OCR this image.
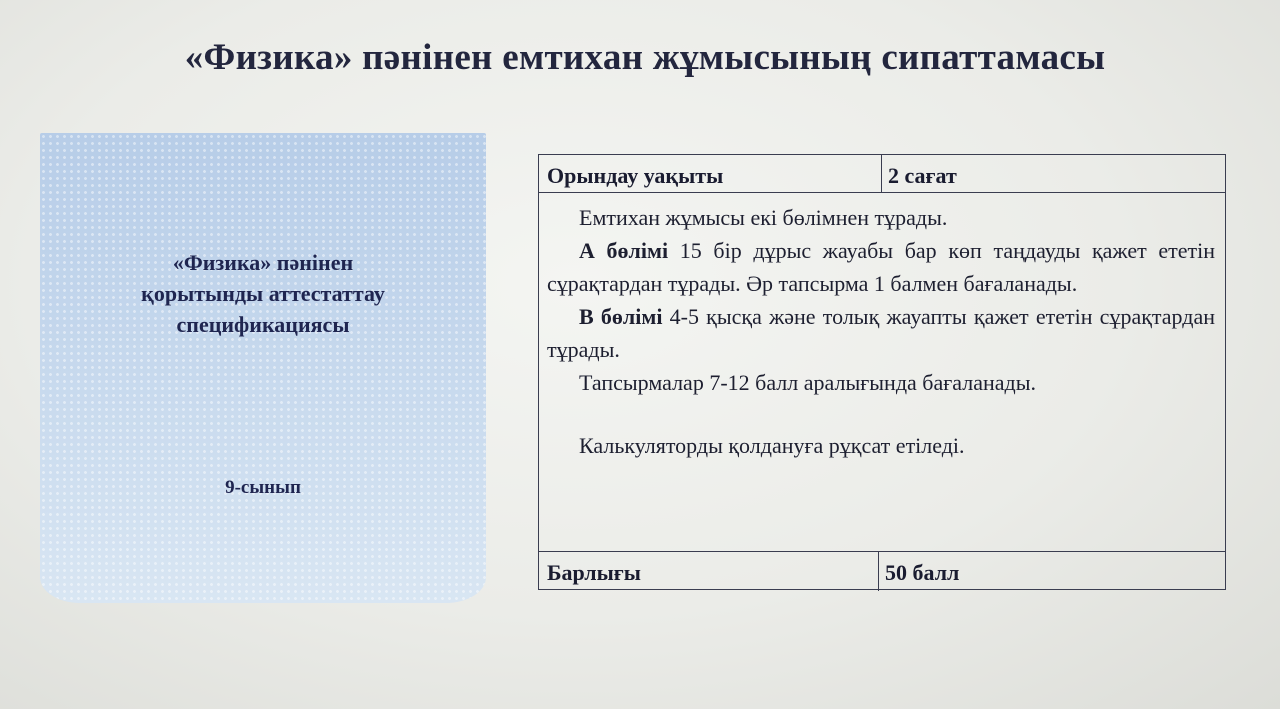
«Физика» пәнінен емтихан жұмысының сипаттамасы
«Физика» пәнінен
қорытынды аттестаттау
спецификациясы
9-сынып
Орындау уақыты	2 сағат

Емтихан жұмысы екі бөлімнен тұрады.

А бөлімі 15 бір дұрыс жауабы бар көп таңдауды қажет ететін сұрақтардан тұрады. Әр тапсырма 1 балмен бағаланады.

В бөлімі 4-5 қысқа және толық жауапты қажет ететін сұрақтардан тұрады.

Тапсырмалар 7-12 балл аралығында бағаланады.

Калькуляторды қолдануға рұқсат етіледі.

Барлығы	50 балл
